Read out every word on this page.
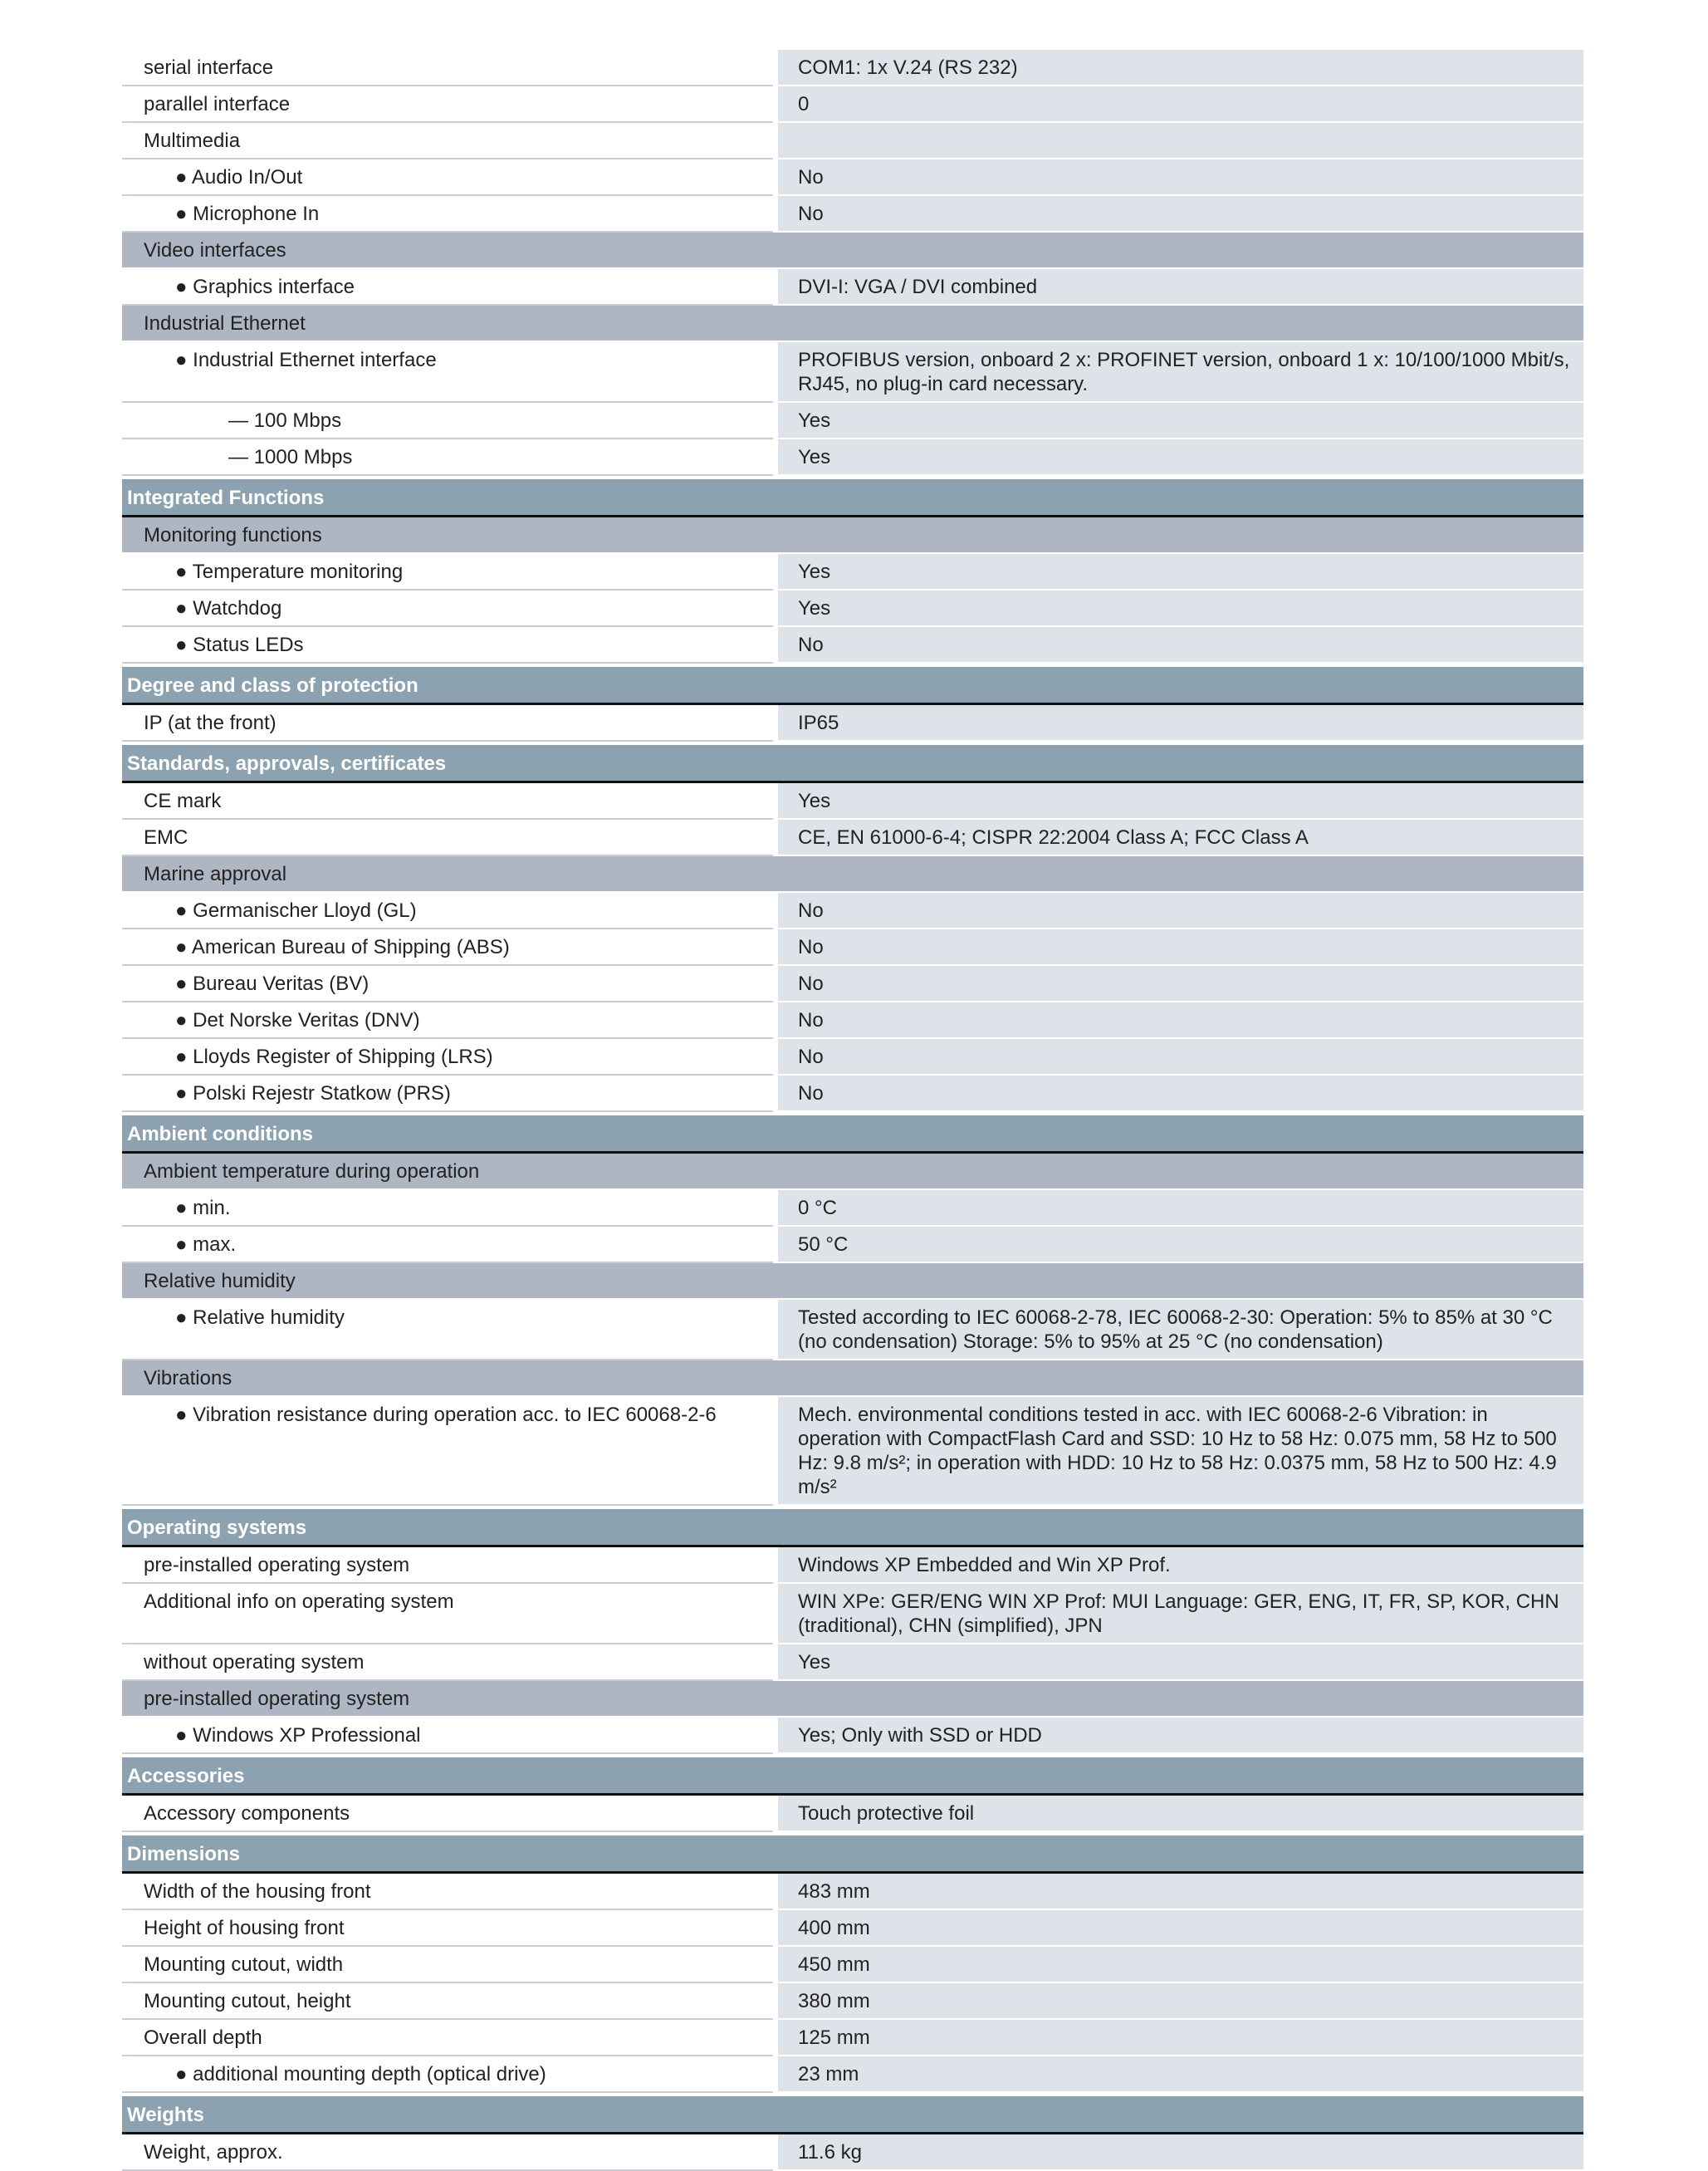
serial interface	COM1: 1x V.24 (RS 232)
parallel interface	0
Multimedia
● Audio In/Out	No
● Microphone In	No
Video interfaces
● Graphics interface	DVI-I: VGA / DVI combined
Industrial Ethernet
● Industrial Ethernet interface	PROFIBUS version, onboard 2 x: PROFINET version, onboard 1 x: 10/100/1000 Mbit/s, RJ45, no plug-in card necessary.
— 100 Mbps	Yes
— 1000 Mbps	Yes
Integrated Functions
Monitoring functions
● Temperature monitoring	Yes
● Watchdog	Yes
● Status LEDs	No
Degree and class of protection
IP (at the front)	IP65
Standards, approvals, certificates
CE mark	Yes
EMC	CE, EN 61000-6-4; CISPR 22:2004 Class A; FCC Class A
Marine approval
● Germanischer Lloyd (GL)	No
● American Bureau of Shipping (ABS)	No
● Bureau Veritas (BV)	No
● Det Norske Veritas (DNV)	No
● Lloyds Register of Shipping (LRS)	No
● Polski Rejestr Statkow (PRS)	No
Ambient conditions
Ambient temperature during operation
● min.	0 °C
● max.	50 °C
Relative humidity
● Relative humidity	Tested according to IEC 60068-2-78, IEC 60068-2-30: Operation: 5% to 85% at 30 °C (no condensation) Storage: 5% to 95% at 25 °C (no condensation)
Vibrations
● Vibration resistance during operation acc. to IEC 60068-2-6	Mech. environmental conditions tested in acc. with IEC 60068-2-6 Vibration: in operation with CompactFlash Card and SSD: 10 Hz to 58 Hz: 0.075 mm, 58 Hz to 500 Hz: 9.8 m/s²; in operation with HDD: 10 Hz to 58 Hz: 0.0375 mm, 58 Hz to 500 Hz: 4.9 m/s²
Operating systems
pre-installed operating system	Windows XP Embedded and Win XP Prof.
Additional info on operating system	WIN XPe: GER/ENG WIN XP Prof: MUI Language: GER, ENG, IT, FR, SP, KOR, CHN (traditional), CHN (simplified), JPN
without operating system	Yes
pre-installed operating system
● Windows XP Professional	Yes; Only with SSD or HDD
Accessories
Accessory components	Touch protective foil
Dimensions
Width of the housing front	483 mm
Height of housing front	400 mm
Mounting cutout, width	450 mm
Mounting cutout, height	380 mm
Overall depth	125 mm
● additional mounting depth (optical drive)	23 mm
Weights
Weight, approx.	11.6 kg
